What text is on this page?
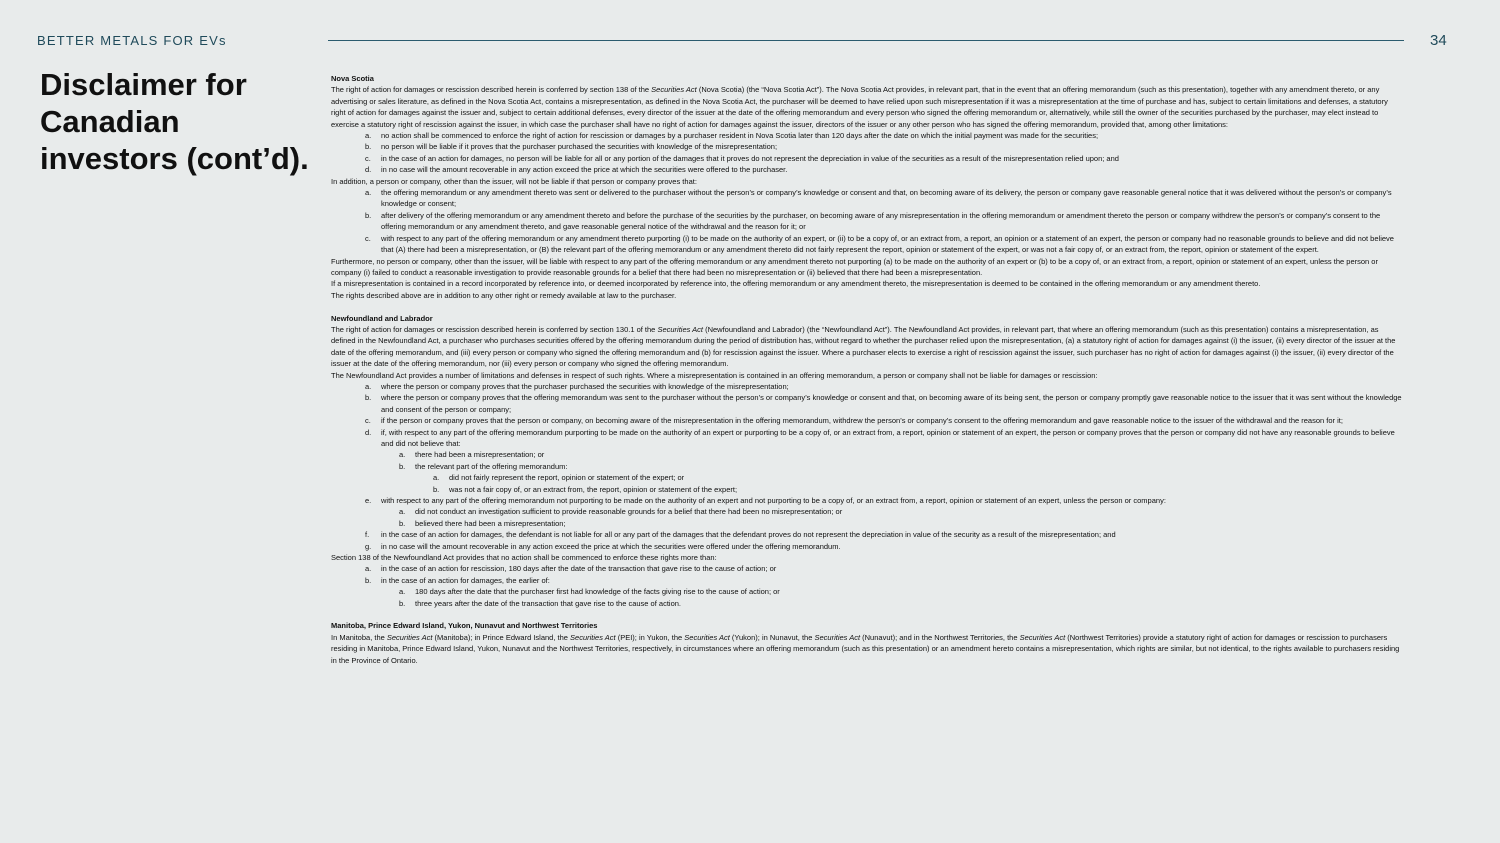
BETTER METALS FOR EVs	34
Disclaimer for Canadian investors (cont’d).
Nova Scotia
The right of action for damages or rescission described herein is conferred by section 138 of the Securities Act (Nova Scotia) (the “Nova Scotia Act”). The Nova Scotia Act provides, in relevant part, that in the event that an offering memorandum (such as this presentation), together with any amendment thereto, or any advertising or sales literature, as defined in the Nova Scotia Act, contains a misrepresentation, as defined in the Nova Scotia Act, the purchaser will be deemed to have relied upon such misrepresentation if it was a misrepresentation at the time of purchase and has, subject to certain limitations and defenses, a statutory right of action for damages against the issuer and, subject to certain additional defenses, every director of the issuer at the date of the offering memorandum and every person who signed the offering memorandum or, alternatively, while still the owner of the securities purchased by the purchaser, may elect instead to exercise a statutory right of rescission against the issuer, in which case the purchaser shall have no right of action for damages against the issuer, directors of the issuer or any other person who has signed the offering memorandum, provided that, among other limitations:
a.	no action shall be commenced to enforce the right of action for rescission or damages by a purchaser resident in Nova Scotia later than 120 days after the date on which the initial payment was made for the securities;
b.	no person will be liable if it proves that the purchaser purchased the securities with knowledge of the misrepresentation;
c.	in the case of an action for damages, no person will be liable for all or any portion of the damages that it proves do not represent the depreciation in value of the securities as a result of the misrepresentation relied upon; and
d.	in no case will the amount recoverable in any action exceed the price at which the securities were offered to the purchaser.
In addition, a person or company, other than the issuer, will not be liable if that person or company proves that:
a.	the offering memorandum or any amendment thereto was sent or delivered to the purchaser without the person’s or company’s knowledge or consent and that, on becoming aware of its delivery, the person or company gave reasonable general notice that it was delivered without the person’s or company’s knowledge or consent;
b.	after delivery of the offering memorandum or any amendment thereto and before the purchase of the securities by the purchaser, on becoming aware of any misrepresentation in the offering memorandum or amendment thereto the person or company withdrew the person’s or company’s consent to the offering memorandum or any amendment thereto, and gave reasonable general notice of the withdrawal and the reason for it; or
c.	with respect to any part of the offering memorandum or any amendment thereto purporting (i) to be made on the authority of an expert, or (ii) to be a copy of, or an extract from, a report, an opinion or a statement of an expert, the person or company had no reasonable grounds to believe and did not believe that (A) there had been a misrepresentation, or (B) the relevant part of the offering memorandum or any amendment thereto did not fairly represent the report, opinion or statement of the expert, or was not a fair copy of, or an extract from, the report, opinion or statement of the expert.
Furthermore, no person or company, other than the issuer, will be liable with respect to any part of the offering memorandum or any amendment thereto not purporting (a) to be made on the authority of an expert or (b) to be a copy of, or an extract from, a report, opinion or statement of an expert, unless the person or company (i) failed to conduct a reasonable investigation to provide reasonable grounds for a belief that there had been no misrepresentation or (ii) believed that there had been a misrepresentation.
If a misrepresentation is contained in a record incorporated by reference into, or deemed incorporated by reference into, the offering memorandum or any amendment thereto, the misrepresentation is deemed to be contained in the offering memorandum or any amendment thereto.
The rights described above are in addition to any other right or remedy available at law to the purchaser.
Newfoundland and Labrador
The right of action for damages or rescission described herein is conferred by section 130.1 of the Securities Act (Newfoundland and Labrador) (the “Newfoundland Act”). The Newfoundland Act provides, in relevant part, that where an offering memorandum (such as this presentation) contains a misrepresentation, as defined in the Newfoundland Act, a purchaser who purchases securities offered by the offering memorandum during the period of distribution has, without regard to whether the purchaser relied upon the misrepresentation, (a) a statutory right of action for damages against (i) the issuer, (ii) every director of the issuer at the date of the offering memorandum, and (iii) every person or company who signed the offering memorandum and (b) for rescission against the issuer. Where a purchaser elects to exercise a right of rescission against the issuer, such purchaser has no right of action for damages against (i) the issuer, (ii) every director of the issuer at the date of the offering memorandum, nor (iii) every person or company who signed the offering memorandum.
The Newfoundland Act provides a number of limitations and defenses in respect of such rights. Where a misrepresentation is contained in an offering memorandum, a person or company shall not be liable for damages or rescission:
a.	where the person or company proves that the purchaser purchased the securities with knowledge of the misrepresentation;
b.	where the person or company proves that the offering memorandum was sent to the purchaser without the person’s or company’s knowledge or consent and that, on becoming aware of its being sent, the person or company promptly gave reasonable notice to the issuer that it was sent without the knowledge and consent of the person or company;
c.	if the person or company proves that the person or company, on becoming aware of the misrepresentation in the offering memorandum, withdrew the person’s or company’s consent to the offering memorandum and gave reasonable notice to the issuer of the withdrawal and the reason for it;
d.	if, with respect to any part of the offering memorandum purporting to be made on the authority of an expert or purporting to be a copy of, or an extract from, a report, opinion or statement of an expert, the person or company proves that the person or company did not have any reasonable grounds to believe and did not believe that:
a.	there had been a misrepresentation; or
b.	the relevant part of the offering memorandum:
a.	did not fairly represent the report, opinion or statement of the expert; or
b.	was not a fair copy of, or an extract from, the report, opinion or statement of the expert;
e.	with respect to any part of the offering memorandum not purporting to be made on the authority of an expert and not purporting to be a copy of, or an extract from, a report, opinion or statement of an expert, unless the person or company:
a.	did not conduct an investigation sufficient to provide reasonable grounds for a belief that there had been no misrepresentation; or
b.	believed there had been a misrepresentation;
f.	in the case of an action for damages, the defendant is not liable for all or any part of the damages that the defendant proves do not represent the depreciation in value of the security as a result of the misrepresentation; and
g.	in no case will the amount recoverable in any action exceed the price at which the securities were offered under the offering memorandum.
Section 138 of the Newfoundland Act provides that no action shall be commenced to enforce these rights more than:
a.	in the case of an action for rescission, 180 days after the date of the transaction that gave rise to the cause of action; or
b.	in the case of an action for damages, the earlier of:
a.	180 days after the date that the purchaser first had knowledge of the facts giving rise to the cause of action; or
b.	three years after the date of the transaction that gave rise to the cause of action.
Manitoba, Prince Edward Island, Yukon, Nunavut and Northwest Territories
In Manitoba, the Securities Act (Manitoba); in Prince Edward Island, the Securities Act (PEI); in Yukon, the Securities Act (Yukon); in Nunavut, the Securities Act (Nunavut); and in the Northwest Territories, the Securities Act (Northwest Territories) provide a statutory right of action for damages or rescission to purchasers residing in Manitoba, Prince Edward Island, Yukon, Nunavut and the Northwest Territories, respectively, in circumstances where an offering memorandum (such as this presentation) or an amendment hereto contains a misrepresentation, which rights are similar, but not identical, to the rights available to purchasers residing in the Province of Ontario.
